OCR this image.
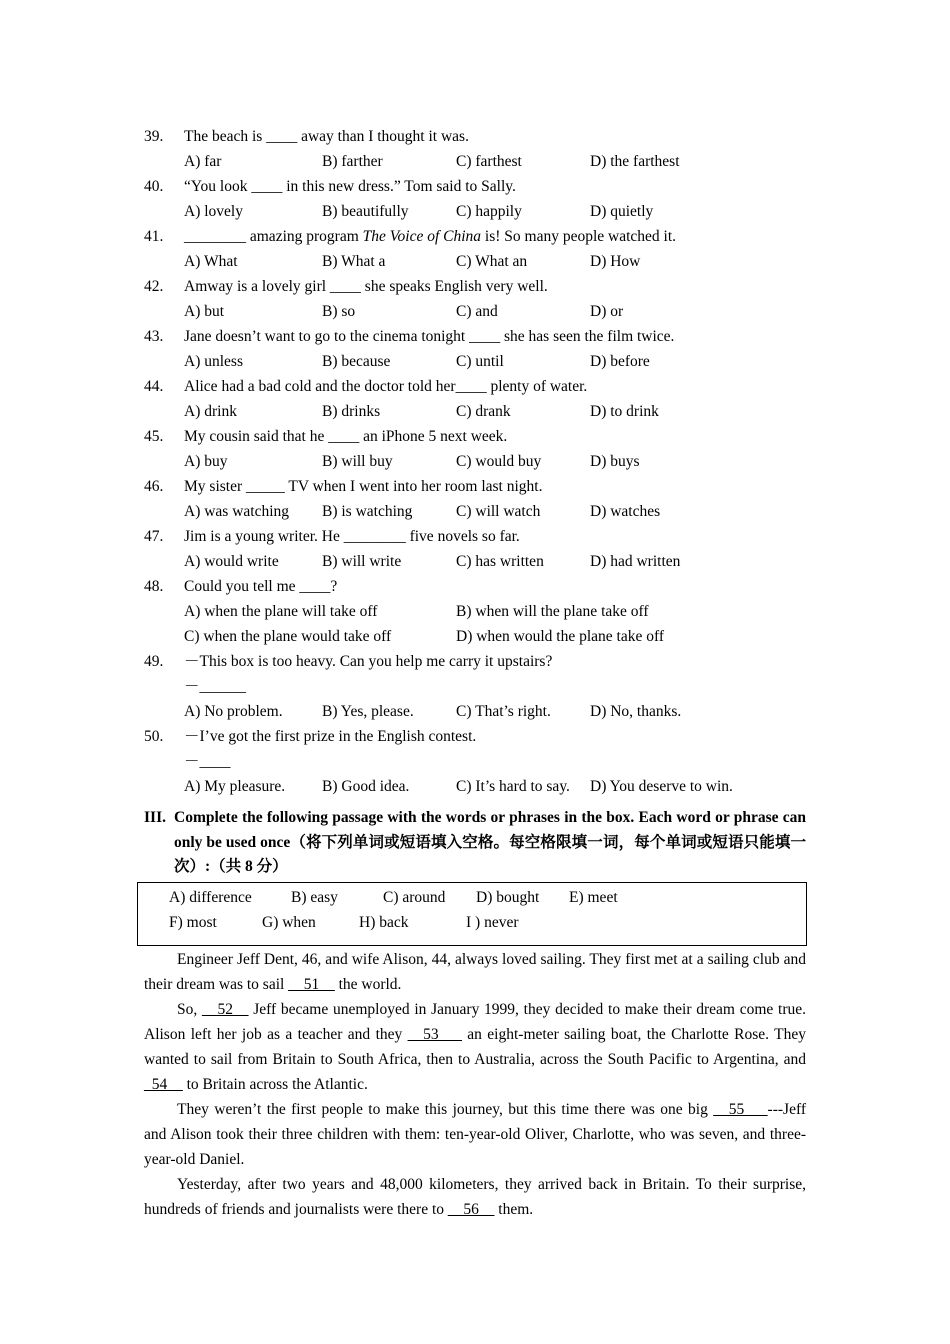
39. The beach is ____ away than I thought it was.
A) far	B) farther	C) farthest	D) the farthest
40. “You look ____ in this new dress.” Tom said to Sally.
A) lovely	B) beautifully	C) happily	D) quietly
41. ________ amazing program The Voice of China is! So many people watched it.
A) What	B) What a	C) What an	D) How
42. Amway is a lovely girl ____ she speaks English very well.
A) but	B) so	C) and	D) or
43. Jane doesn’t want to go to the cinema tonight ____ she has seen the film twice.
A) unless	B) because	C) until	D) before
44. Alice had a bad cold and the doctor told her____ plenty of water.
A) drink	B) drinks	C) drank	D) to drink
45. My cousin said that he ____ an iPhone 5 next week.
A) buy	B) will buy	C) would buy	D) buys
46. My sister _____ TV when I went into her room last night.
A) was watching B) is watching	C) will watch	D) watches
47. Jim is a young writer. He ________ five novels so far.
A) would write	B) will write	C) has written	D) had written
48. Could you tell me ____?
A) when the plane will take off	B) when will the plane take off
C) when the plane would take off	D) when would the plane take off
49. －This box is too heavy. Can you help me carry it upstairs?
－______
A) No problem.	B) Yes, please.	C) That’s right.	D) No, thanks.
50. －I’ve got the first prize in the English contest.
－____
A) My pleasure. B) Good idea.	C) It’s hard to say. D) You deserve to win.
III. Complete the following passage with the words or phrases in the box. Each word or phrase can only be used once（将下列单词或短语填入空格。每空格限填一词，每个单词或短语只能填一次）:（共 8 分）
A) difference	B) easy	C) around D) bought E) meet
F) most	G) when	H) back	I ) never

Engineer Jeff Dent, 46, and wife Alison, 44, always loved sailing. They first met at a sailing club and their dream was to sail __51__ the world.

So, __52__ Jeff became unemployed in January 1999, they decided to make their dream come true. Alison left her job as a teacher and they __53___ an eight-meter sailing boat, the Charlotte Rose. They wanted to sail from Britain to South Africa, then to Australia, across the South Pacific to Argentina, and _54__ to Britain across the Atlantic.

They weren’t the first people to make this journey, but this time there was one big __55___---Jeff and Alison took their three children with them: ten-year-old Oliver, Charlotte, who was seven, and three-year-old Daniel.

Yesterday, after two years and 48,000 kilometers, they arrived back in Britain. To their surprise, hundreds of friends and journalists were there to __56__ them.
